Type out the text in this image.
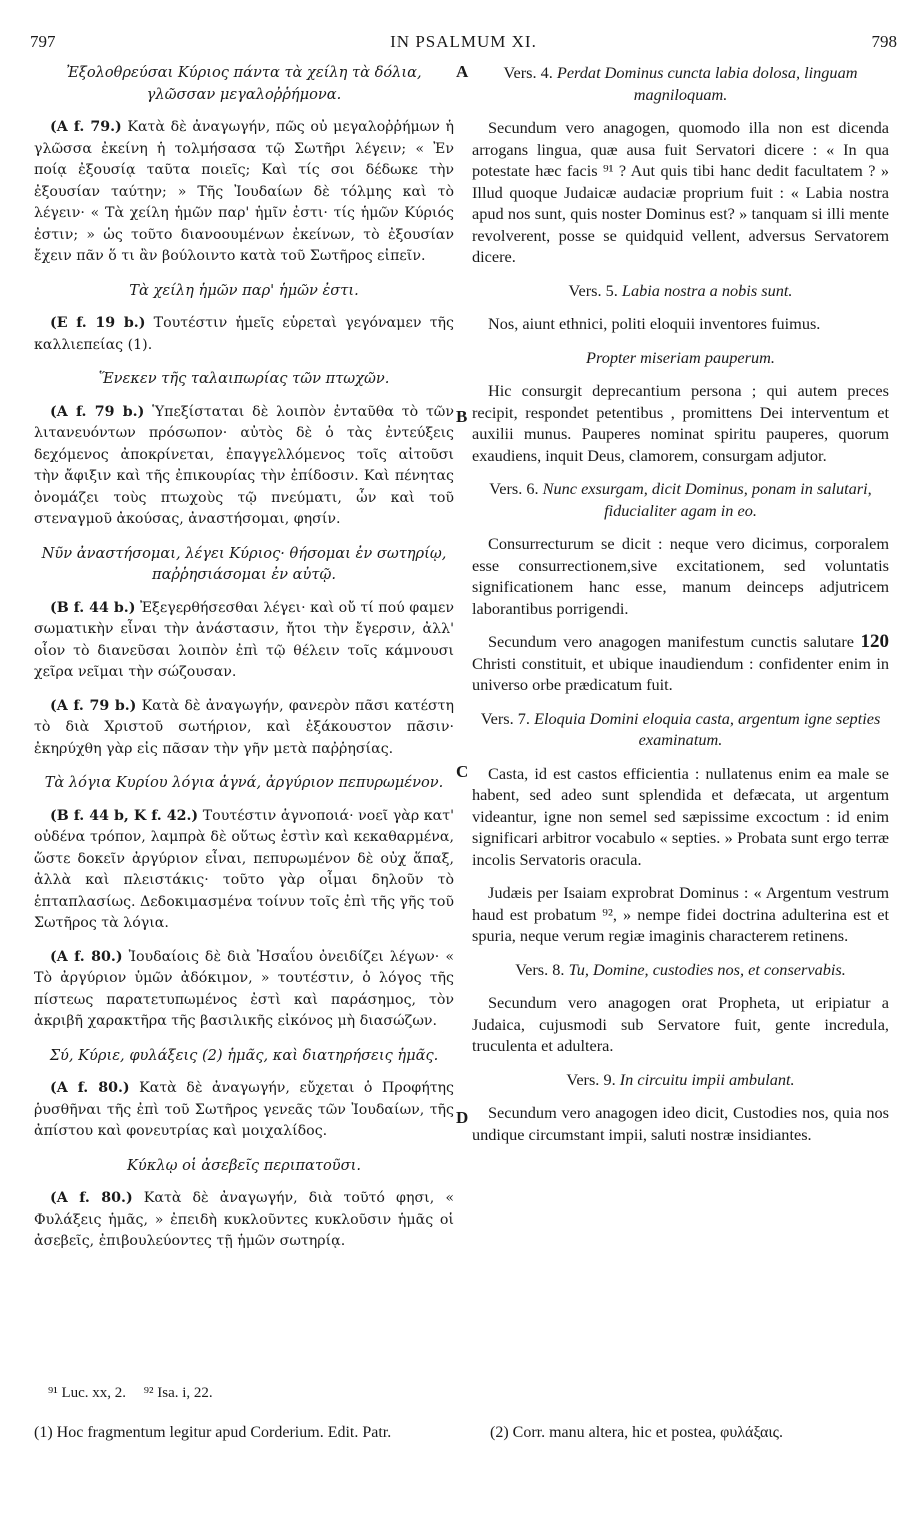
797	IN PSALMUM XI.	798
A
B
C
D

Ἐξολοθρεύσαι Κύριος πάντα τὰ χείλη τὰ δόλια, γλῶσσαν μεγαλοῤῥήμονα.

(A f. 79.) Κατὰ δὲ ἀναγωγήν, πῶς οὐ μεγαλοῤῥήμων ἡ γλῶσσα ἐκείνη ἡ τολμήσασα τῷ Σωτῆρι λέγειν; « Ἐν ποίᾳ ἐξουσίᾳ ταῦτα ποιεῖς; Καὶ τίς σοι δέδωκε τὴν ἐξουσίαν ταύτην; » Τῆς Ἰουδαίων δὲ τόλμης καὶ τὸ λέγειν· « Τὰ χείλη ἡμῶν παρ' ἡμῖν ἐστι· τίς ἡμῶν Κύριός ἐστιν; » ὡς τοῦτο διανοουμένων ἐκείνων, τὸ ἐξουσίαν ἔχειν πᾶν ὅ τι ἂν βούλοιντο κατὰ τοῦ Σωτῆρος εἰπεῖν.

Τὰ χείλη ἡμῶν παρ' ἡμῶν ἐστι.

(E f. 19 b.) Τουτέστιν ἡμεῖς εὑρεταὶ γεγόναμεν τῆς καλλιεπείας (1).

Ἕνεκεν τῆς ταλαιπωρίας τῶν πτωχῶν.

(A f. 79 b.) Ὑπεξίσταται δὲ λοιπὸν ἐνταῦθα τὸ τῶν λιτανευόντων πρόσωπον· αὐτὸς δὲ ὁ τὰς ἐντεύξεις δεχόμενος ἀποκρίνεται, ἐπαγγελλόμενος τοῖς αἰτοῦσι τὴν ἄφιξιν καὶ τῆς ἐπικουρίας τὴν ἐπίδοσιν. Καὶ πένητας ὀνομάζει τοὺς πτωχοὺς τῷ πνεύματι, ὧν καὶ τοῦ στεναγμοῦ ἀκούσας, ἀναστήσομαι, φησίν.

Νῦν ἀναστήσομαι, λέγει Κύριος· θήσομαι ἐν σωτηρίῳ, παῤῥησιάσομαι ἐν αὐτῷ.

(B f. 44 b.) Ἐξεγερθήσεσθαι λέγει· καὶ οὔ τί πού φαμεν σωματικὴν εἶναι τὴν ἀνάστασιν, ἤτοι τὴν ἔγερσιν, ἀλλ' οἷον τὸ διανεῦσαι λοιπὸν ἐπὶ τῷ θέλειν τοῖς κάμνουσι χεῖρα νεῖμαι τὴν σώζουσαν.

(A f. 79 b.) Κατὰ δὲ ἀναγωγήν, φανερὸν πᾶσι κατέστη τὸ διὰ Χριστοῦ σωτήριον, καὶ ἐξάκουστον πᾶσιν· ἐκηρύχθη γὰρ εἰς πᾶσαν τὴν γῆν μετὰ παῤῥησίας.

Τὰ λόγια Κυρίου λόγια ἁγνά, ἀργύριον πεπυρωμένον.

(B f. 44 b, K f. 42.) Τουτέστιν ἁγνοποιά· νοεῖ γὰρ κατ' οὐδένα τρόπον, λαμπρὰ δὲ οὕτως ἐστὶν καὶ κεκαθαρμένα, ὥστε δοκεῖν ἀργύριον εἶναι, πεπυρωμένον δὲ οὐχ ἅπαξ, ἀλλὰ καὶ πλειστάκις· τοῦτο γὰρ οἶμαι δηλοῦν τὸ ἑπταπλασίως. Δεδοκιμασμένα τοίνυν τοῖς ἐπὶ τῆς γῆς τοῦ Σωτῆρος τὰ λόγια.

(A f. 80.) Ἰουδαίοις δὲ διὰ Ἠσαΐου ὀνειδίζει λέγων· « Τὸ ἀργύριον ὑμῶν ἀδόκιμον, » τουτέστιν, ὁ λόγος τῆς πίστεως παρατετυπωμένος ἐστὶ καὶ παράσημος, τὸν ἀκριβῆ χαρακτῆρα τῆς βασιλικῆς εἰκόνος μὴ διασώζων.

Σύ, Κύριε, φυλάξεις (2) ἡμᾶς, καὶ διατηρήσεις ἡμᾶς.

(A f. 80.) Κατὰ δὲ ἀναγωγήν, εὔχεται ὁ Προφήτης ῥυσθῆναι τῆς ἐπὶ τοῦ Σωτῆρος γενεᾶς τῶν Ἰουδαίων, τῆς ἀπίστου καὶ φονευτρίας καὶ μοιχαλίδος.

Κύκλῳ οἱ ἀσεβεῖς περιπατοῦσι.

(A f. 80.) Κατὰ δὲ ἀναγωγήν, διὰ τοῦτό φησι, « Φυλάξεις ἡμᾶς, » ἐπειδὴ κυκλοῦντες κυκλοῦσιν ἡμᾶς οἱ ἀσεβεῖς, ἐπιβουλεύοντες τῇ ἡμῶν σωτηρίᾳ.

Vers. 4. Perdat Dominus cuncta labia dolosa, linguam magniloquam.

Secundum vero anagogen, quomodo illa non est dicenda arrogans lingua, quæ ausa fuit Servatori dicere : « In qua potestate hæc facis ⁹¹ ? Aut quis tibi hanc dedit facultatem ? » Illud quoque Judaicæ audaciæ proprium fuit : « Labia nostra apud nos sunt, quis noster Dominus est? » tanquam si illi mente revolverent, posse se quidquid vellent, adversus Servatorem dicere.

Vers. 5. Labia nostra a nobis sunt.

Nos, aiunt ethnici, politi eloquii inventores fuimus.

Propter miseriam pauperum.

Hic consurgit deprecantium persona ; qui autem preces recipit, respondet petentibus , promittens Dei interventum et auxilii munus. Pauperes nominat spiritu pauperes, quorum exaudiens, inquit Deus, clamorem, consurgam adjutor.

Vers. 6. Nunc exsurgam, dicit Dominus, ponam in salutari, fiducialiter agam in eo.

Consurrecturum se dicit : neque vero dicimus, corporalem esse consurrectionem,sive excitationem, sed voluntatis significationem hanc esse, manum deinceps adjutricem laborantibus porrigendi.

Secundum vero anagogen manifestum cunctis salutare 120 Christi constituit, et ubique inaudiendum : confidenter enim in universo orbe prædicatum fuit.

Vers. 7. Eloquia Domini eloquia casta, argentum igne septies examinatum.

Casta, id est castos efficientia : nullatenus enim ea male se habent, sed adeo sunt splendida et defæcata, ut argentum videantur, igne non semel sed sæpissime excoctum : id enim significari arbitror vocabulo « septies. » Probata sunt ergo terræ incolis Servatoris oracula.

Judæis per Isaiam exprobrat Dominus : « Argentum vestrum haud est probatum ⁹², » nempe fidei doctrina adulterina est et spuria, neque verum regiæ imaginis characterem retinens.

Vers. 8. Tu, Domine, custodies nos, et conservabis.

Secundum vero anagogen orat Propheta, ut eripiatur a Judaica, cujusmodi sub Servatore fuit, gente incredula, truculenta et adultera.

Vers. 9. In circuitu impii ambulant.

Secundum vero anagogen ideo dicit, Custodies nos, quia nos undique circumstant impii, saluti nostræ insidiantes.

⁹¹ Luc. xx, 2. ⁹² Isa. i, 22.
(1) Hoc fragmentum legitur apud Corderium. Edit. Patr.	(2) Corr. manu altera, hic et postea, φυλάξαις.
